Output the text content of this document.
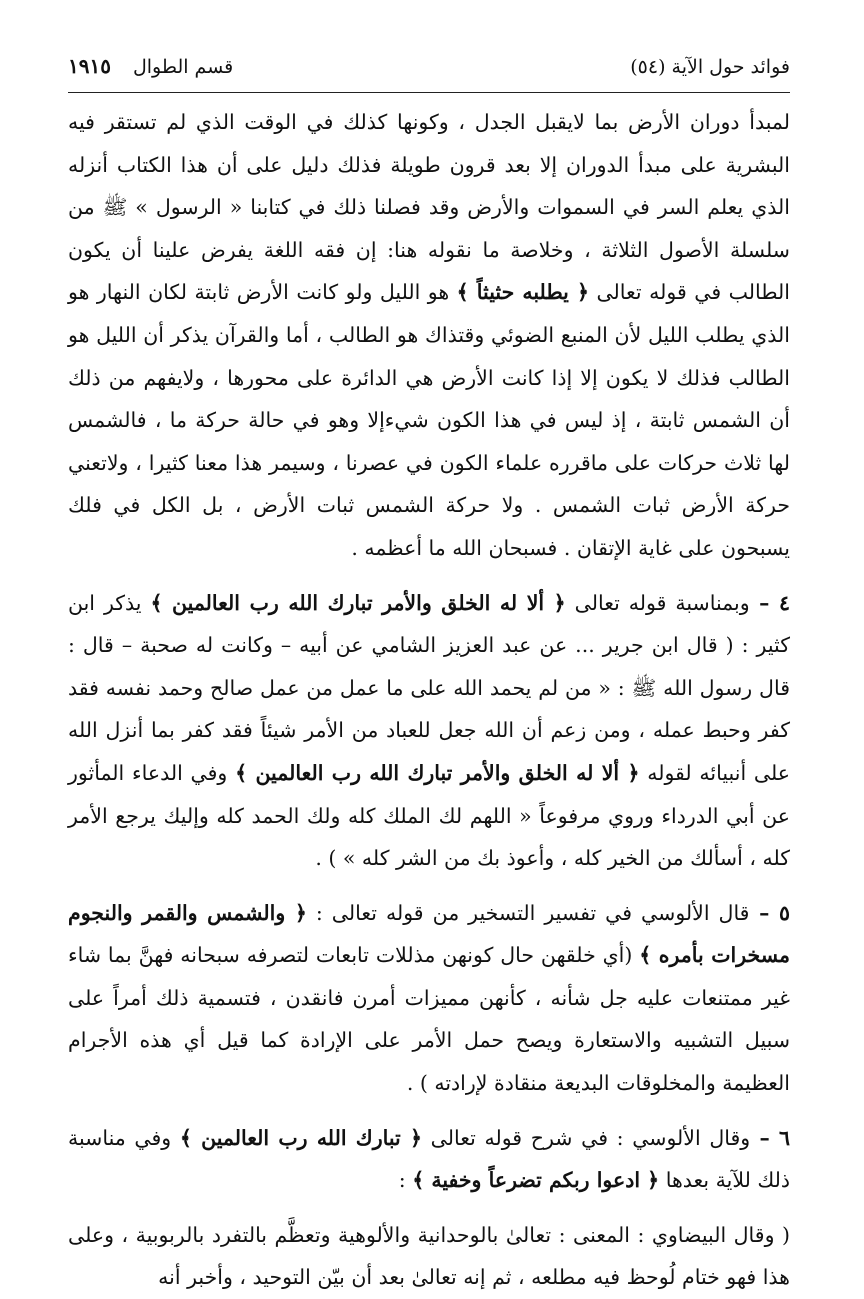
فوائد حول الآية (٥٤)
قسم الطوال
١٩١٥

لمبدأ دوران الأرض بما لايقبل الجدل ، وكونها كذلك في الوقت الذي لم تستقر فيه البشرية على مبدأ الدوران إلا بعد قرون طويلة فذلك دليل على أن هذا الكتاب أنزله الذي يعلم السر في السموات والأرض وقد فصلنا ذلك في كتابنا « الرسول » ﷺ من سلسلة الأصول الثلاثة ، وخلاصة ما نقوله هنا: إن فقه اللغة يفرض علينا أن يكون الطالب في قوله تعالى ﴿ يطلبه حثيثاً ﴾ هو الليل ولو كانت الأرض ثابتة لكان النهار هو الذي يطلب الليل لأن المنبع الضوئي وقتذاك هو الطالب ، أما والقرآن يذكر أن الليل هو الطالب فذلك لا يكون إلا إذا كانت الأرض هي الدائرة على محورها ، ولايفهم من ذلك أن الشمس ثابتة ، إذ ليس في هذا الكون شيءإلا وهو في حالة حركة ما ، فالشمس لها ثلاث حركات على ماقرره علماء الكون في عصرنا ، وسيمر هذا معنا كثيرا ، ولاتعني حركة الأرض ثبات الشمس . ولا حركة الشمس ثبات الأرض ، بل الكل في فلك يسبحون على غاية الإتقان . فسبحان الله ما أعظمه .

٤ – وبمناسبة قوله تعالى ﴿ ألا له الخلق والأمر تبارك الله رب العالمين ﴾ يذكر ابن كثير : ( قال ابن جرير ... عن عبد العزيز الشامي عن أبيه – وكانت له صحبة – قال : قال رسول الله ﷺ : « من لم يحمد الله على ما عمل من عمل صالح وحمد نفسه فقد كفر وحبط عمله ، ومن زعم أن الله جعل للعباد من الأمر شيئاً فقد كفر بما أنزل الله على أنبيائه لقوله ﴿ ألا له الخلق والأمر تبارك الله رب العالمين ﴾ وفي الدعاء المأثور عن أبي الدرداء وروي مرفوعاً « اللهم لك الملك كله ولك الحمد كله وإليك يرجع الأمر كله ، أسألك من الخير كله ، وأعوذ بك من الشر كله » ) .

٥ – قال الألوسي في تفسير التسخير من قوله تعالى : ﴿ والشمس والقمر والنجوم مسخرات بأمره ﴾ (أي خلقهن حال كونهن مذللات تابعات لتصرفه سبحانه فهنَّ بما شاء غير ممتنعات عليه جل شأنه ، كأنهن مميزات أمرن فانقدن ، فتسمية ذلك أمراً على سبيل التشبيه والاستعارة ويصح حمل الأمر على الإرادة كما قيل أي هذه الأجرام العظيمة والمخلوقات البديعة منقادة لإرادته ) .

٦ – وقال الألوسي : في شرح قوله تعالى ﴿ تبارك الله رب العالمين ﴾ وفي مناسبة ذلك للآية بعدها ﴿ ادعوا ربكم تضرعاً وخفية ﴾ :

( وقال البيضاوي : المعنى : تعالىٰ بالوحدانية والألوهية وتعظَّم بالتفرد بالربوبية ، وعلى هذا فهو ختام لُوحظ فيه مطلعه ، ثم إنه تعالىٰ بعد أن بيّن التوحيد ، وأخبر أنه
